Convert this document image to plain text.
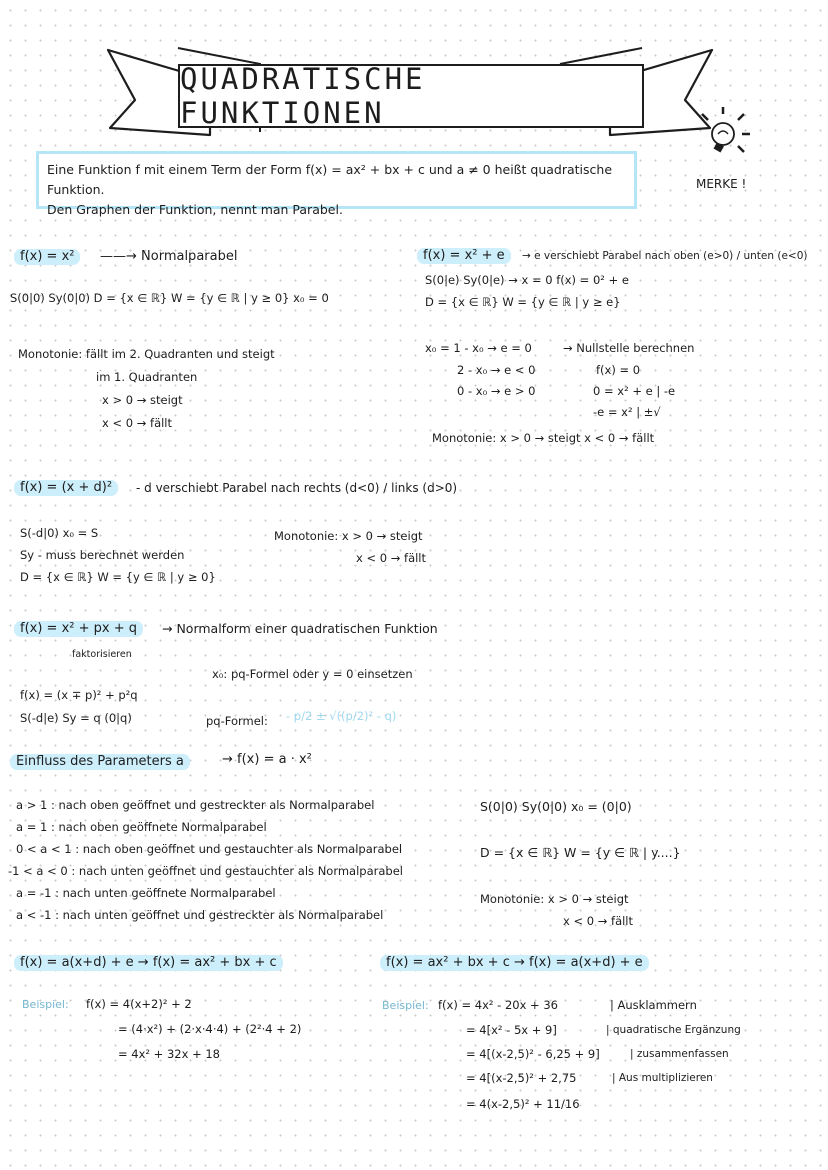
QUADRATISCHE FUNKTIONEN
MERKE !
Eine Funktion f mit einem Term der Form f(x) = ax² + bx + c und a ≠ 0 heißt quadratische Funktion.
Den Graphen der Funktion, nennt man Parabel.
f(x) = x²	——→ Normalparabel
S(0|0) Sy(0|0) D = {x ∈ ℝ} W = {y ∈ ℝ | y ≥ 0} x₀ = 0
Monotonie: fällt im 2. Quadranten und steigt
im 1. Quadranten
x > 0 → steigt
x < 0 → fällt
f(x) = x² + e	→ e verschiebt Parabel nach oben (e>0) / unten (e<0)
S(0|e) Sy(0|e) → x = 0 f(x) = 0² + e
D = {x ∈ ℝ} W = {y ∈ ℝ | y ≥ e}
x₀ = 1 - x₀ → e = 0
2 - x₀ → e < 0
0 - x₀ → e > 0
→ Nullstelle berechnen
f(x) = 0
0 = x² + e | -e
-e = x² | ±√
Monotonie: x > 0 → steigt x < 0 → fällt
f(x) = (x + d)²	- d verschiebt Parabel nach rechts (d<0) / links (d>0)
S(-d|0) x₀ = S
Sy - muss berechnet werden
D = {x ∈ ℝ} W = {y ∈ ℝ | y ≥ 0}
Monotonie: x > 0 → steigt
x < 0 → fällt
f(x) = x² + px + q	→ Normalform einer quadratischen Funktion
faktorisieren
x₀: pq-Formel oder y = 0 einsetzen
f(x) = (x ∓ p)² + p²q
S(-d|e) Sy = q (0|q)	pq-Formel: - p/2 ± √((p/2)² - q)
Einfluss des Parameters a	→ f(x) = a · x²
a > 1 : nach oben geöffnet und gestreckter als Normalparabel
a = 1 : nach oben geöffnete Normalparabel
0 < a < 1 : nach oben geöffnet und gestauchter als Normalparabel
-1 < a < 0 : nach unten geöffnet und gestauchter als Normalparabel
a = -1 : nach unten geöffnete Normalparabel
a < -1 : nach unten geöffnet und gestreckter als Normalparabel
S(0|0) Sy(0|0) x₀ = (0|0)
D = {x ∈ ℝ} W = {y ∈ ℝ | y....}
Monotonie: x > 0 → steigt
x < 0 → fällt
f(x) = a(x+d) + e → f(x) = ax² + bx + c
Beispiel: f(x) = 4(x+2)² + 2
= (4·x²) + (2·x·4·4) + (2²·4 + 2)
= 4x² + 32x + 18
f(x) = ax² + bx + c → f(x) = a(x+d) + e
Beispiel: f(x) = 4x² - 20x + 36	| Ausklammern
= 4[x² - 5x + 9]	| quadratische Ergänzung
= 4[(x-2,5)² - 6,25 + 9]	| zusammenfassen
= 4[(x-2,5)² + 2,75	| Aus multiplizieren
= 4(x-2,5)² + 11/16
